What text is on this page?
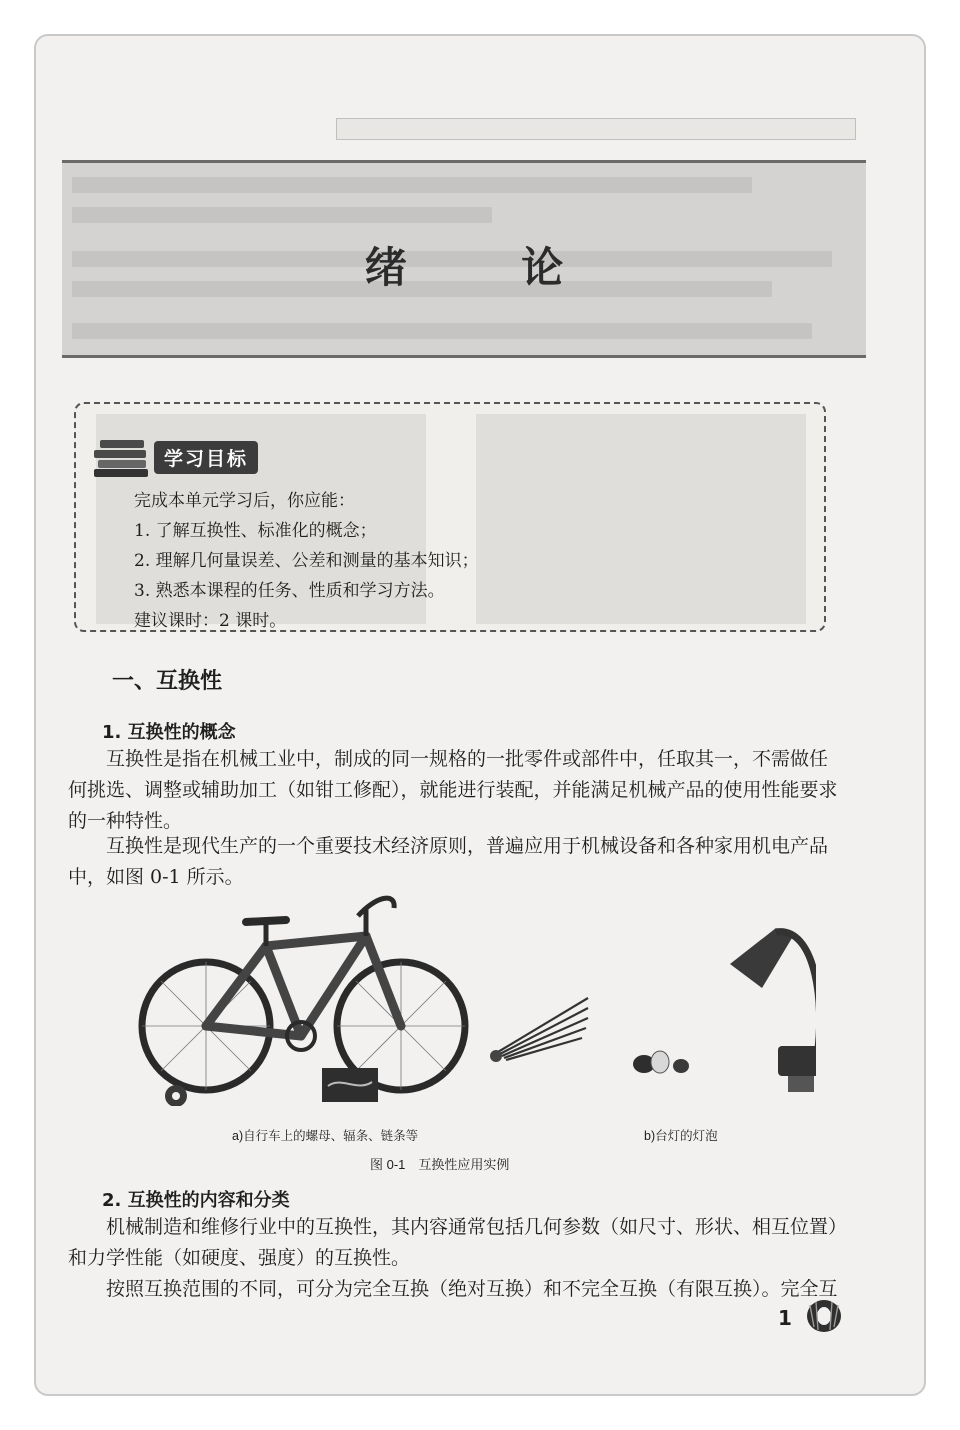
绪 论
学习目标
完成本单元学习后，你应能：
1. 了解互换性、标准化的概念；
2. 理解几何量误差、公差和测量的基本知识；
3. 熟悉本课程的任务、性质和学习方法。
建议课时：2 课时。
一、互换性
1. 互换性的概念
互换性是指在机械工业中，制成的同一规格的一批零件或部件中，任取其一，不需做任何挑选、调整或辅助加工（如钳工修配），就能进行装配，并能满足机械产品的使用性能要求的一种特性。
互换性是现代生产的一个重要技术经济原则，普遍应用于机械设备和各种家用机电产品中，如图 0-1 所示。
a)自行车上的螺母、辐条、链条等	b)台灯的灯泡
图 0-1　互换性应用实例
2. 互换性的内容和分类
机械制造和维修行业中的互换性，其内容通常包括几何参数（如尺寸、形状、相互位置）和力学性能（如硬度、强度）的互换性。
按照互换范围的不同，可分为完全互换（绝对互换）和不完全互换（有限互换）。完全互
1
